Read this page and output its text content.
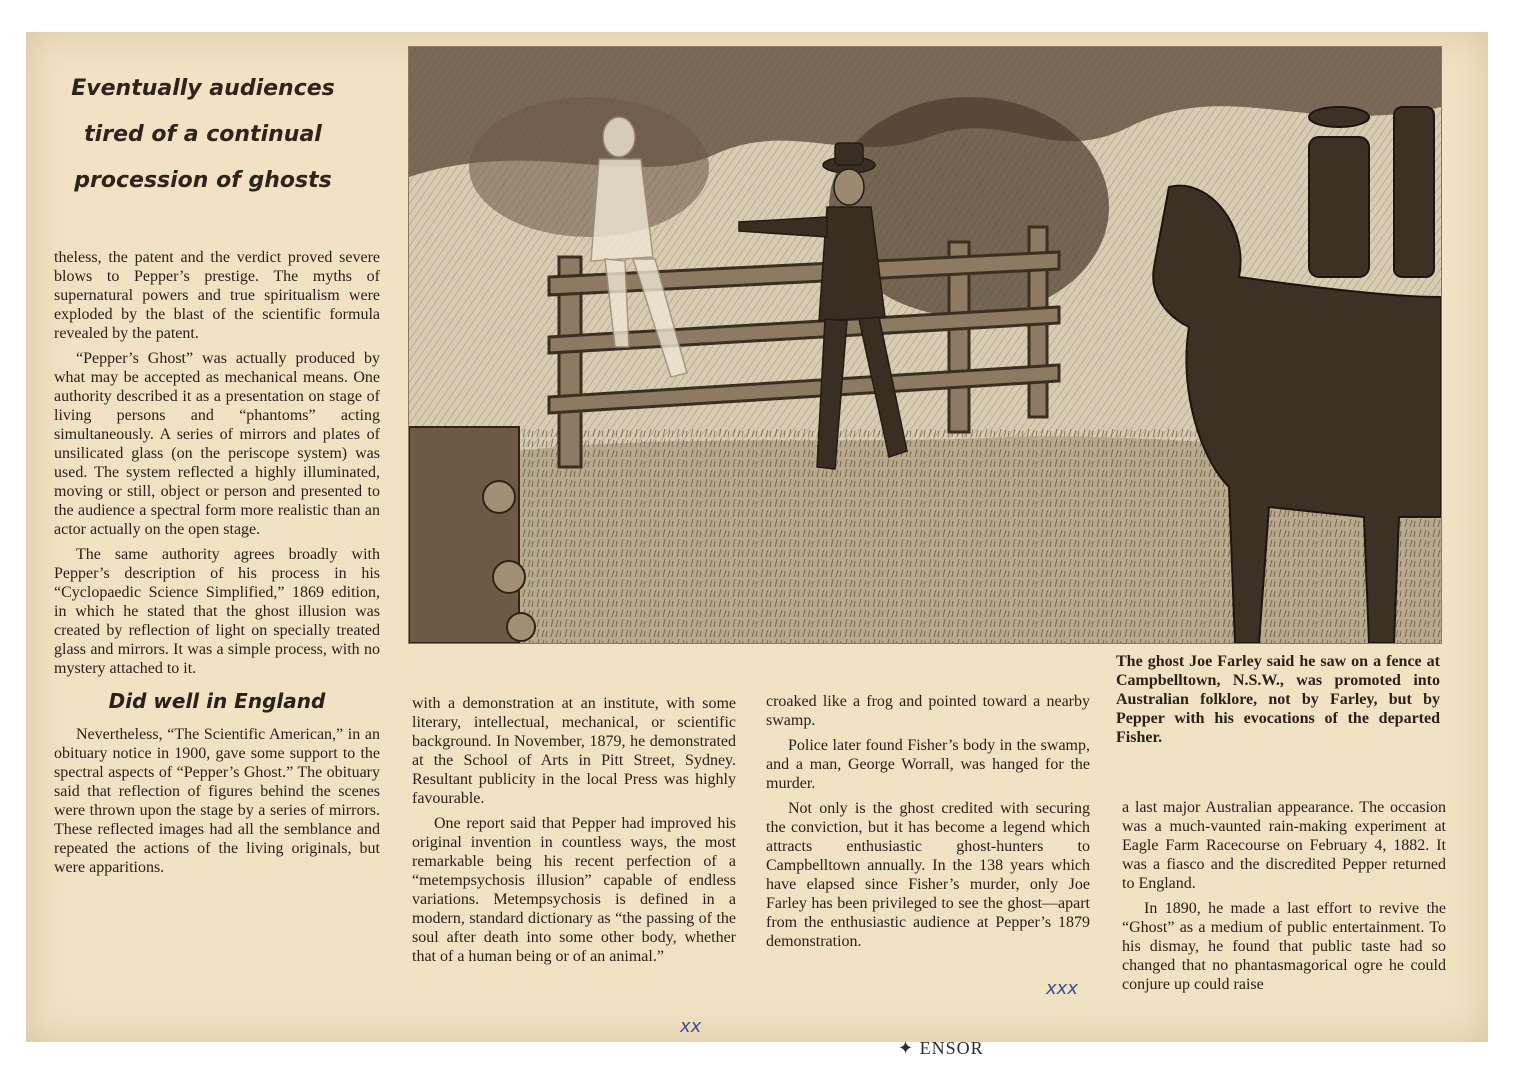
Eventually audiences
tired of a continual
procession of ghosts

theless, the patent and the verdict proved severe blows to Pepper’s prestige. The myths of supernatural powers and true spiritualism were exploded by the blast of the scientific formula revealed by the patent.

“Pepper’s Ghost” was actually produced by what may be accepted as mechanical means. One authority described it as a presentation on stage of living persons and “phantoms” acting simultaneously. A series of mirrors and plates of unsilicated glass (on the periscope system) was used. The system reflected a highly illuminated, moving or still, object or person and presented to the audience a spectral form more realistic than an actor actually on the open stage.

The same authority agrees broadly with Pepper’s description of his process in his “Cyclopaedic Science Simplified,” 1869 edition, in which he stated that the ghost illusion was created by reflection of light on specially treated glass and mirrors. It was a simple process, with no mystery attached to it.

Did well in England

Nevertheless, “The Scientific American,” in an obituary notice in 1900, gave some support to the spectral aspects of “Pepper’s Ghost.” The obituary said that reflection of figures behind the scenes were thrown upon the stage by a series of mirrors. These reflected images had all the semblance and repeated the actions of the living originals, but were apparitions.

The ghost Joe Farley said he saw on a fence at Campbelltown, N.S.W., was promoted into Australian folklore, not by Farley, but by Pepper with his evocations of the departed Fisher.

with a demonstration at an institute, with some literary, intellectual, mechanical, or scientific background. In November, 1879, he demonstrated at the School of Arts in Pitt Street, Sydney. Resultant publicity in the local Press was highly favourable.

One report said that Pepper had improved his original invention in countless ways, the most remarkable being his recent perfection of a “metempsychosis illusion” capable of endless variations. Metempsychosis is defined in a modern, standard dictionary as “the passing of the soul after death into some other body, whether that of a human being or of an animal.”

croaked like a frog and pointed toward a nearby swamp.

Police later found Fisher’s body in the swamp, and a man, George Worrall, was hanged for the murder.

Not only is the ghost credited with securing the conviction, but it has become a legend which attracts enthusiastic ghost-hunters to Campbelltown annually. In the 138 years which have elapsed since Fisher’s murder, only Joe Farley has been privileged to see the ghost—apart from the enthusiastic audience at Pepper’s 1879 demonstration.

a last major Australian appearance. The occasion was a much-vaunted rain-making experiment at Eagle Farm Racecourse on February 4, 1882. It was a fiasco and the discredited Pepper returned to England.

In 1890, he made a last effort to revive the “Ghost” as a medium of public entertainment. To his dismay, he found that public taste had so changed that no phantasmagorical ogre he could conjure up could raise

xx
xxx
✦ ENSOR
